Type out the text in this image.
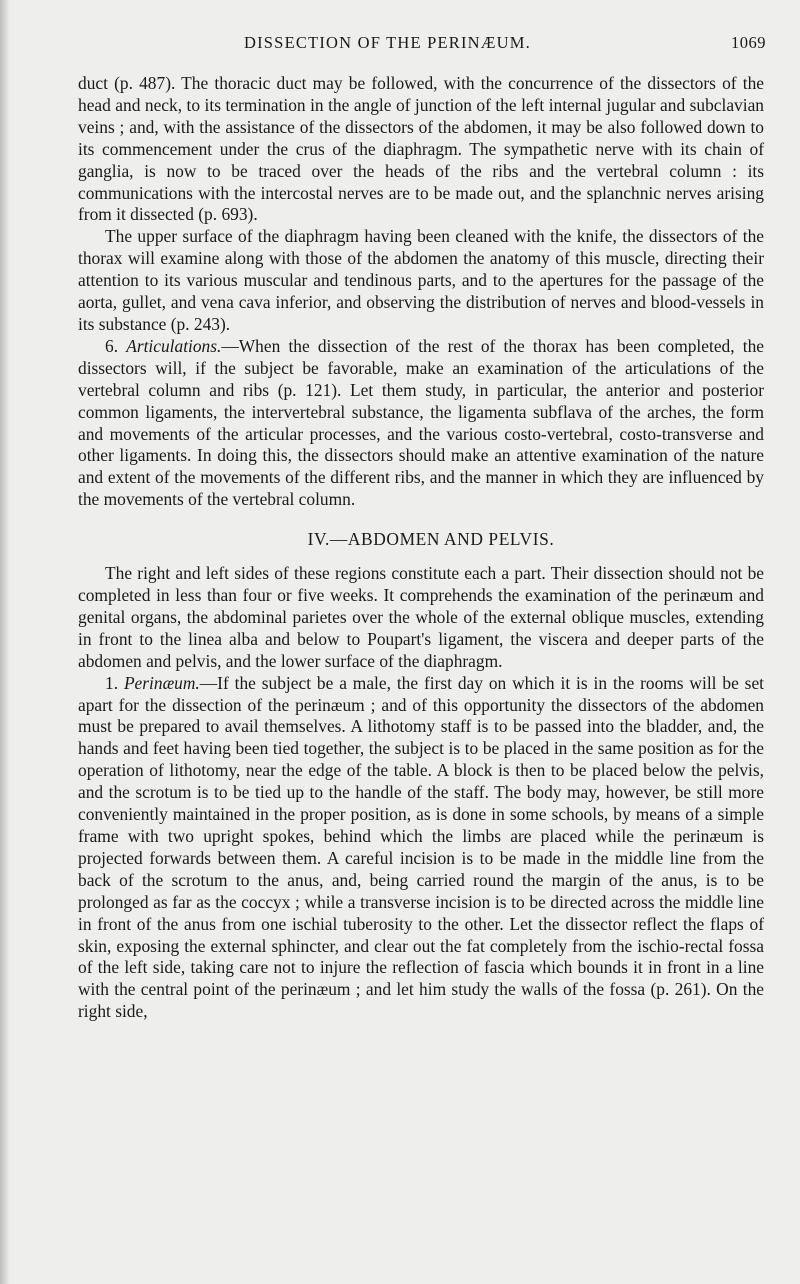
DISSECTION OF THE PERINÆUM.	1069

duct (p. 487). The thoracic duct may be followed, with the concurrence of the dissectors of the head and neck, to its termination in the angle of junction of the left internal jugular and subclavian veins ; and, with the assistance of the dissectors of the abdomen, it may be also followed down to its commencement under the crus of the diaphragm. The sympathetic nerve with its chain of ganglia, is now to be traced over the heads of the ribs and the vertebral column : its communications with the intercostal nerves are to be made out, and the splanchnic nerves arising from it dissected (p. 693).

The upper surface of the diaphragm having been cleaned with the knife, the dissectors of the thorax will examine along with those of the abdomen the anatomy of this muscle, directing their attention to its various muscular and tendinous parts, and to the apertures for the passage of the aorta, gullet, and vena cava inferior, and observing the distribution of nerves and blood-vessels in its substance (p. 243).

6. Articulations.—When the dissection of the rest of the thorax has been completed, the dissectors will, if the subject be favorable, make an examination of the articulations of the vertebral column and ribs (p. 121). Let them study, in particular, the anterior and posterior common ligaments, the intervertebral substance, the ligamenta subflava of the arches, the form and movements of the articular processes, and the various costo-vertebral, costo-transverse and other ligaments. In doing this, the dissectors should make an attentive examination of the nature and extent of the movements of the different ribs, and the manner in which they are influenced by the movements of the vertebral column.

IV.—ABDOMEN AND PELVIS.

The right and left sides of these regions constitute each a part. Their dissection should not be completed in less than four or five weeks. It comprehends the examination of the perinæum and genital organs, the abdominal parietes over the whole of the external oblique muscles, extending in front to the linea alba and below to Poupart's ligament, the viscera and deeper parts of the abdomen and pelvis, and the lower surface of the diaphragm.

1. Perinæum.—If the subject be a male, the first day on which it is in the rooms will be set apart for the dissection of the perinæum ; and of this opportunity the dissectors of the abdomen must be prepared to avail themselves. A lithotomy staff is to be passed into the bladder, and, the hands and feet having been tied together, the subject is to be placed in the same position as for the operation of lithotomy, near the edge of the table. A block is then to be placed below the pelvis, and the scrotum is to be tied up to the handle of the staff. The body may, however, be still more conveniently maintained in the proper position, as is done in some schools, by means of a simple frame with two upright spokes, behind which the limbs are placed while the perinæum is projected forwards between them. A careful incision is to be made in the middle line from the back of the scrotum to the anus, and, being carried round the margin of the anus, is to be prolonged as far as the coccyx ; while a transverse incision is to be directed across the middle line in front of the anus from one ischial tuberosity to the other. Let the dissector reflect the flaps of skin, exposing the external sphincter, and clear out the fat completely from the ischio-rectal fossa of the left side, taking care not to injure the reflection of fascia which bounds it in front in a line with the central point of the perinæum ; and let him study the walls of the fossa (p. 261). On the right side,
